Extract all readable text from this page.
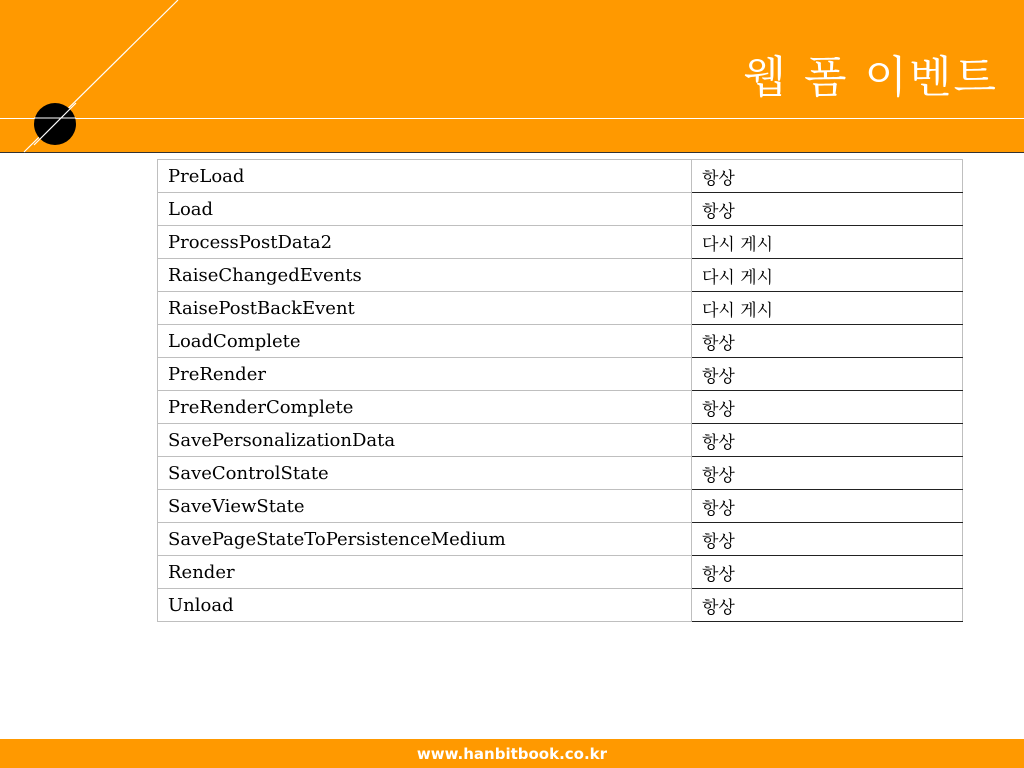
웹 폼 이벤트
PreLoad	항상
Load	항상
ProcessPostData2	다시 게시
RaiseChangedEvents	다시 게시
RaisePostBackEvent	다시 게시
LoadComplete	항상
PreRender	항상
PreRenderComplete	항상
SavePersonalizationData	항상
SaveControlState	항상
SaveViewState	항상
SavePageStateToPersistenceMedium	항상
Render	항상
Unload	항상
www.hanbitbook.co.kr
